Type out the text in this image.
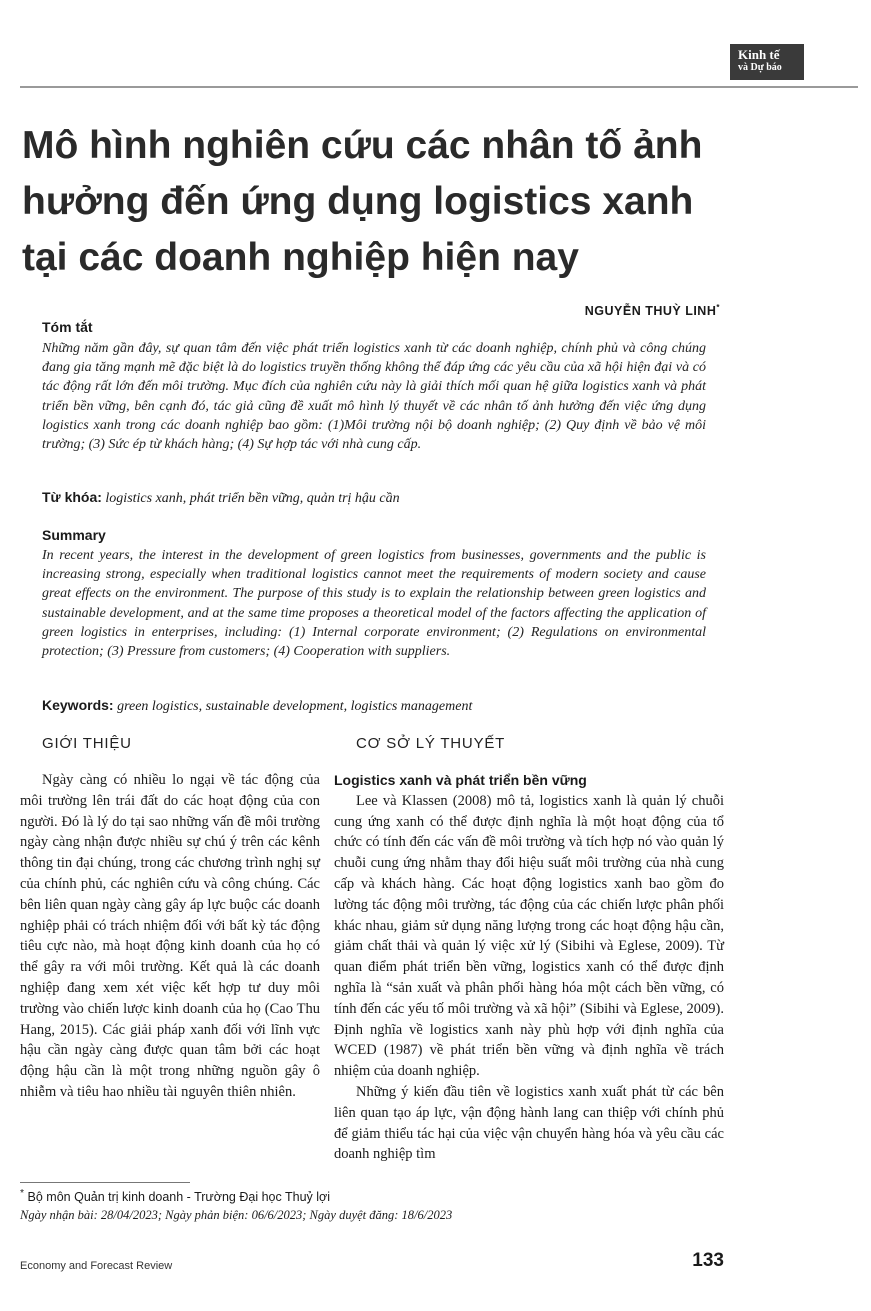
Kinh tế
và Dự báo
Mô hình nghiên cứu các nhân tố ảnh hưởng đến ứng dụng logistics xanh tại các doanh nghiệp hiện nay
NGUYỄN THUỲ LINH*
Tóm tắt

Những năm gần đây, sự quan tâm đến việc phát triển logistics xanh từ các doanh nghiệp, chính phủ và công chúng đang gia tăng mạnh mẽ đặc biệt là do logistics truyền thống không thể đáp ứng các yêu cầu của xã hội hiện đại và có tác động rất lớn đến môi trường. Mục đích của nghiên cứu này là giải thích mối quan hệ giữa logistics xanh và phát triển bền vững, bên cạnh đó, tác giả cũng đề xuất mô hình lý thuyết về các nhân tố ảnh hưởng đến việc ứng dụng logistics xanh trong các doanh nghiệp bao gồm: (1)Môi trường nội bộ doanh nghiệp; (2) Quy định về bảo vệ môi trường; (3) Sức ép từ khách hàng; (4) Sự hợp tác với nhà cung cấp.

Từ khóa: logistics xanh, phát triển bền vững, quản trị hậu cần
Summary

In recent years, the interest in the development of green logistics from businesses, governments and the public is increasing strong, especially when traditional logistics cannot meet the requirements of modern society and cause great effects on the environment. The purpose of this study is to explain the relationship between green logistics and sustainable development, and at the same time proposes a theoretical model of the factors affecting the application of green logistics in enterprises, including: (1) Internal corporate environment; (2) Regulations on environmental protection; (3) Pressure from customers; (4) Cooperation with suppliers.

Keywords: green logistics, sustainable development, logistics management
GIỚI THIỆU	CƠ SỞ LÝ THUYẾT

Ngày càng có nhiều lo ngại về tác động của môi trường lên trái đất do các hoạt động của con người. Đó là lý do tại sao những vấn đề môi trường ngày càng nhận được nhiều sự chú ý trên các kênh thông tin đại chúng, trong các chương trình nghị sự của chính phủ, các nghiên cứu và công chúng. Các bên liên quan ngày càng gây áp lực buộc các doanh nghiệp phải có trách nhiệm đối với bất kỳ tác động tiêu cực nào, mà hoạt động kinh doanh của họ có thể gây ra với môi trường. Kết quả là các doanh nghiệp đang xem xét việc kết hợp tư duy môi trường vào chiến lược kinh doanh của họ (Cao Thu Hang, 2015). Các giải pháp xanh đối với lĩnh vực hậu cần ngày càng được quan tâm bởi các hoạt động hậu cần là một trong những nguồn gây ô nhiễm và tiêu hao nhiều tài nguyên thiên nhiên.

Logistics xanh và phát triển bền vững

Lee và Klassen (2008) mô tả, logistics xanh là quản lý chuỗi cung ứng xanh có thể được định nghĩa là một hoạt động của tổ chức có tính đến các vấn đề môi trường và tích hợp nó vào quản lý chuỗi cung ứng nhằm thay đổi hiệu suất môi trường của nhà cung cấp và khách hàng. Các hoạt động logistics xanh bao gồm đo lường tác động môi trường, tác động của các chiến lược phân phối khác nhau, giảm sử dụng năng lượng trong các hoạt động hậu cần, giảm chất thải và quản lý việc xử lý (Sibihi và Eglese, 2009). Từ quan điểm phát triển bền vững, logistics xanh có thể được định nghĩa là “sản xuất và phân phối hàng hóa một cách bền vững, có tính đến các yếu tố môi trường và xã hội” (Sibihi và Eglese, 2009). Định nghĩa về logistics xanh này phù hợp với định nghĩa của WCED (1987) về phát triển bền vững và định nghĩa về trách nhiệm của doanh nghiệp.

Những ý kiến đầu tiên về logistics xanh xuất phát từ các bên liên quan tạo áp lực, vận động hành lang can thiệp với chính phủ để giảm thiểu tác hại của việc vận chuyển hàng hóa và yêu cầu các doanh nghiệp tìm

* Bộ môn Quản trị kinh doanh - Trường Đại học Thuỷ lợi
Ngày nhận bài: 28/04/2023; Ngày phản biện: 06/6/2023; Ngày duyệt đăng: 18/6/2023
Economy and Forecast Review	133
